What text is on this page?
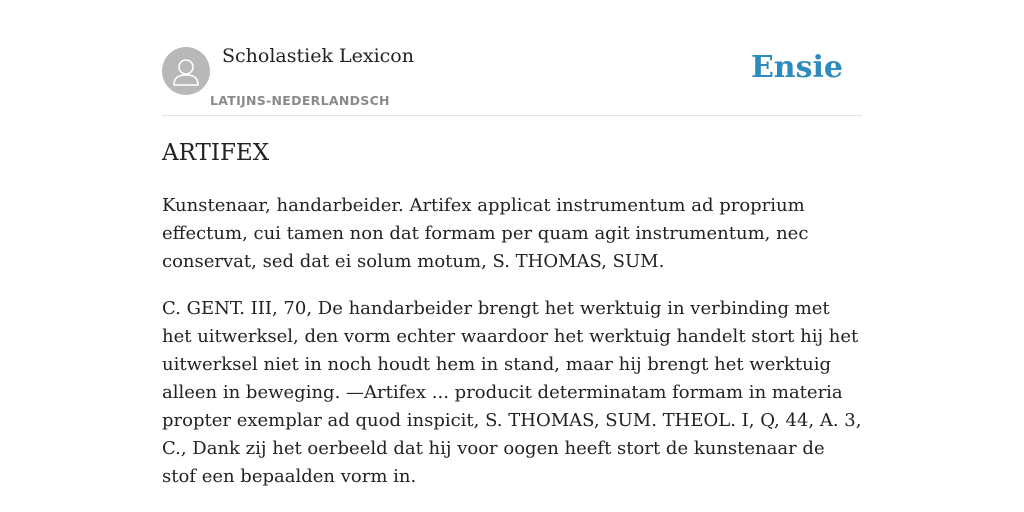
Scholastiek Lexicon
LATIJNS-NEDERLANDSCH
Ensie
ARTIFEX

Kunstenaar, handarbeider. Artifex applicat instrumentum ad proprium effectum, cui tamen non dat formam per quam agit instrumentum, nec conservat, sed dat ei solum motum, S. THOMAS, SUM.

C. GENT. III, 70, De handarbeider brengt het werktuig in verbinding met het uitwerksel, den vorm echter waardoor het werktuig handelt stort hij het uitwerksel niet in noch houdt hem in stand, maar hij brengt het werktuig alleen in beweging. —Artifex ... producit determinatam formam in materia propter exemplar ad quod inspicit, S. THOMAS, SUM. THEOL. I, Q, 44, A. 3, C., Dank zij het oerbeeld dat hij voor oogen heeft stort de kunstenaar de stof een bepaalden vorm in.
